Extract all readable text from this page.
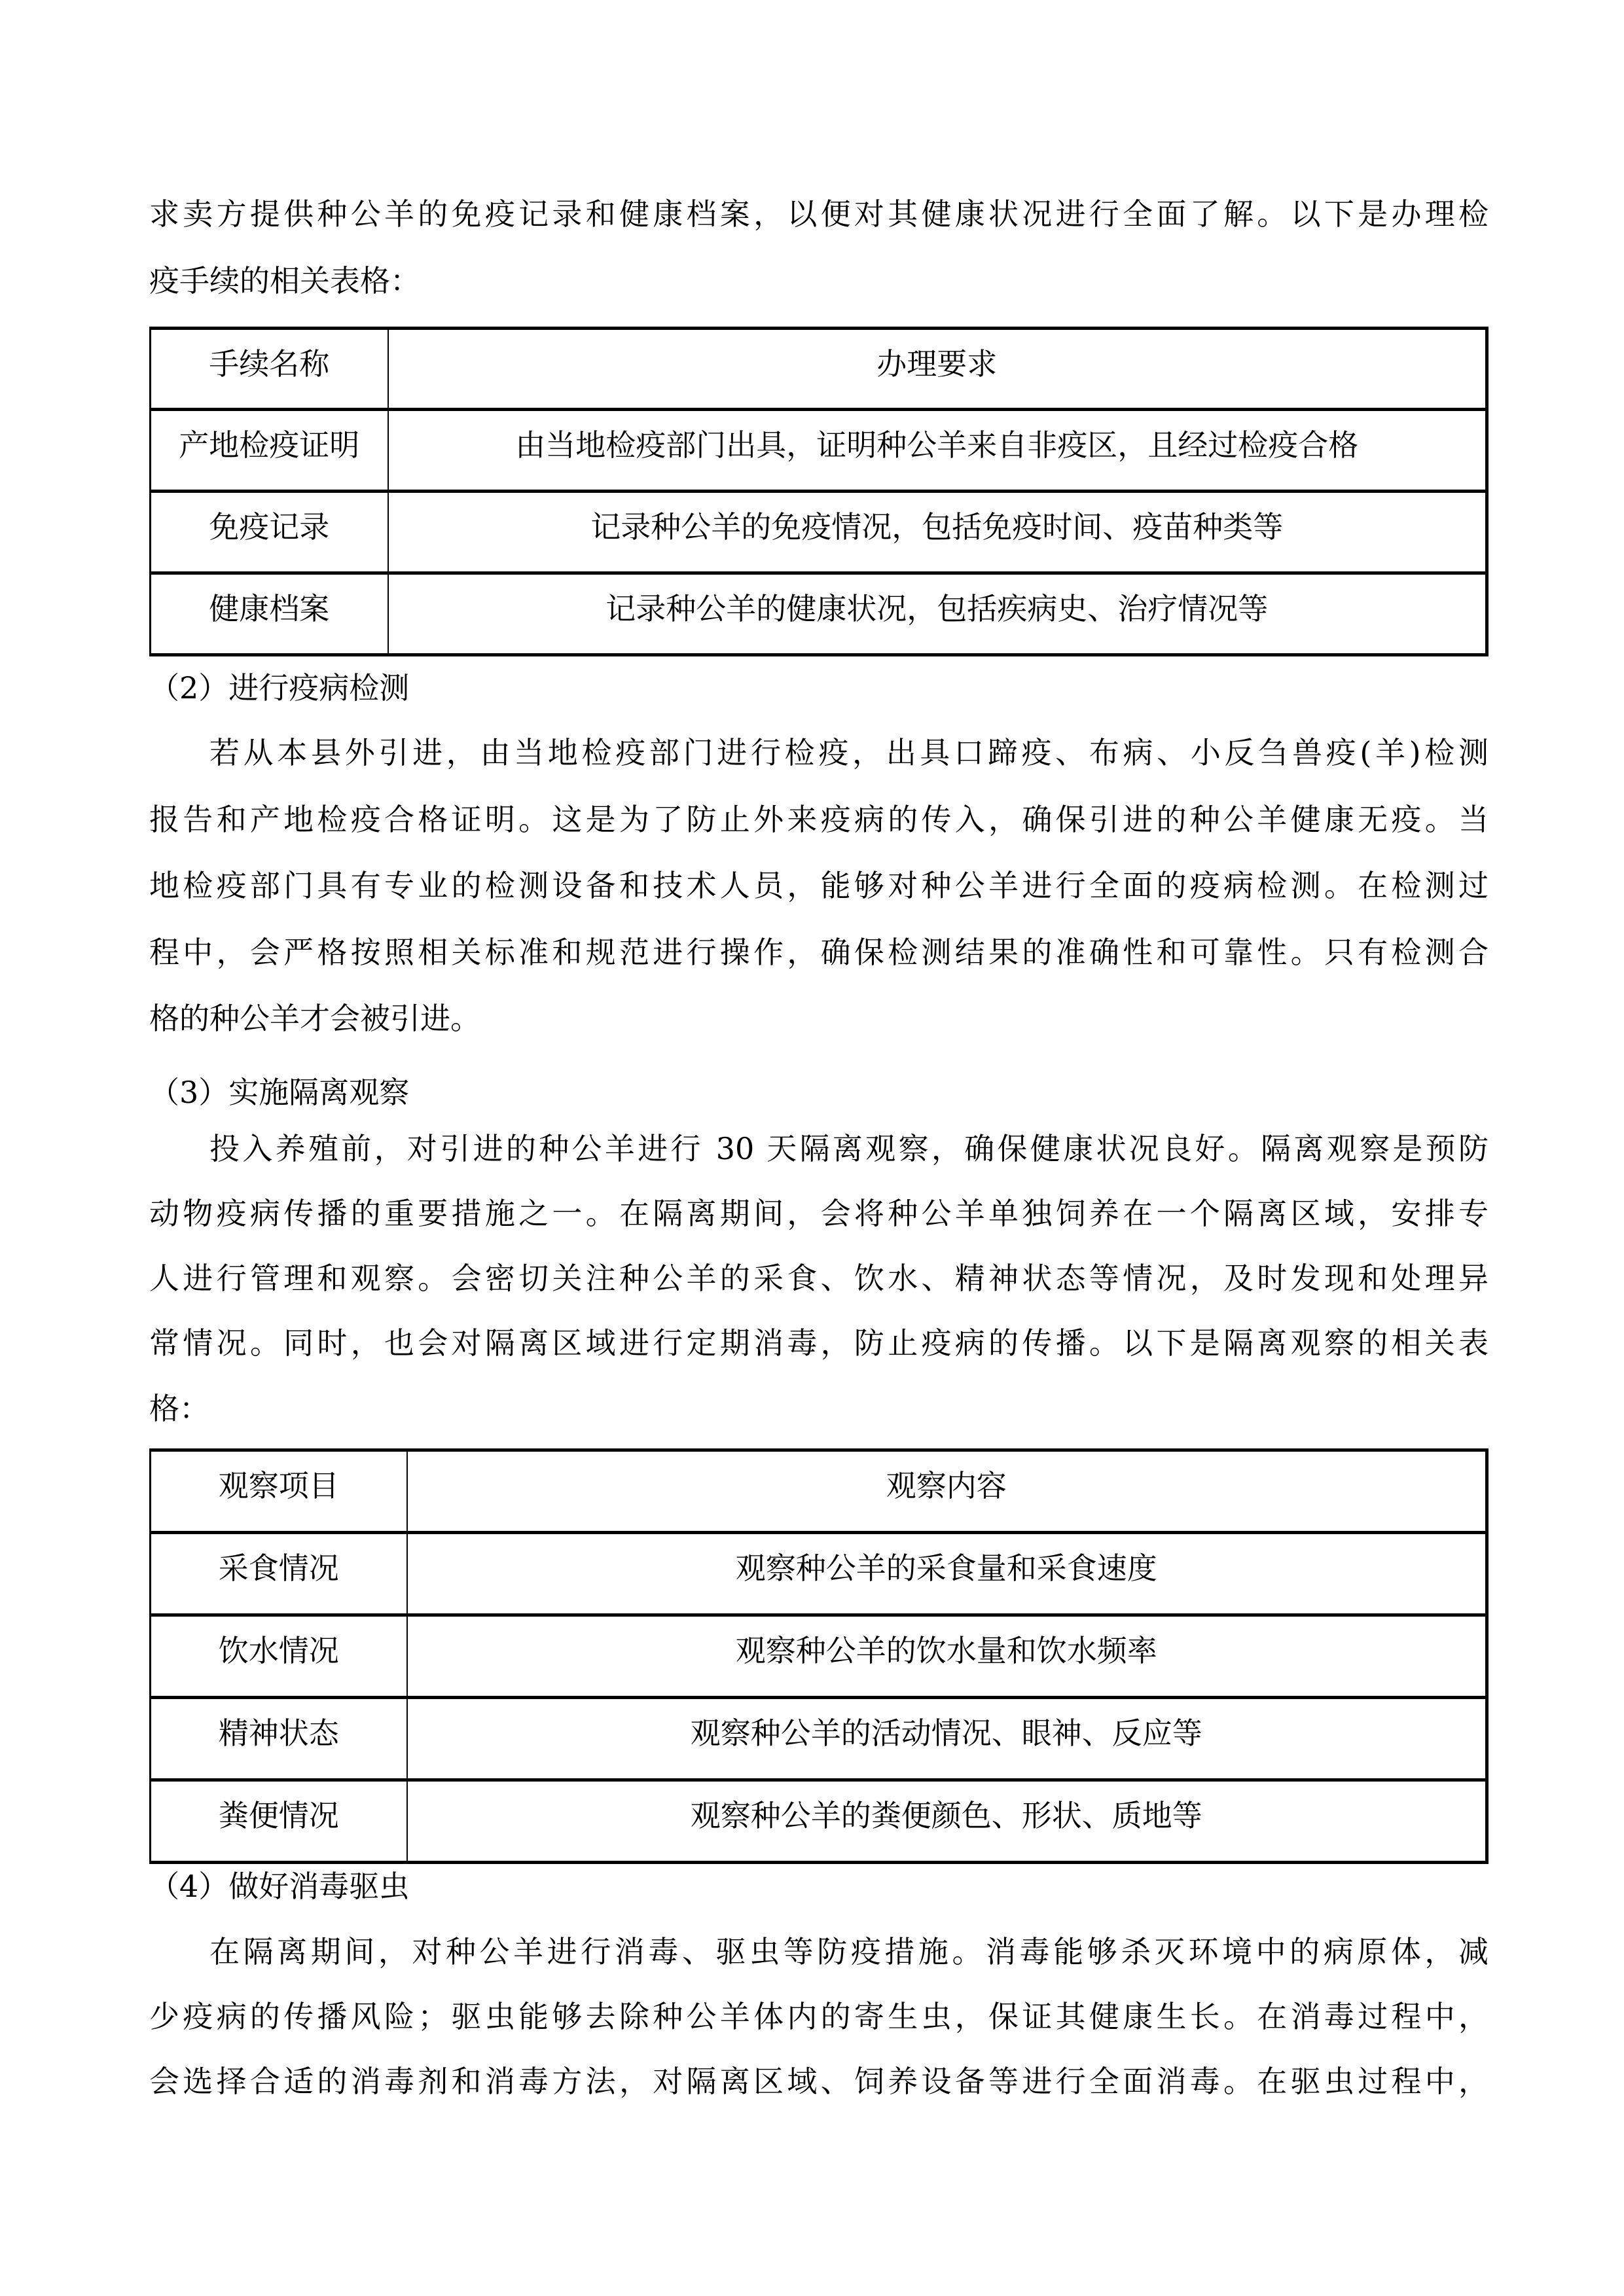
求卖方提供种公羊的免疫记录和健康档案，以便对其健康状况进行全面了解。以下是办理检
疫手续的相关表格：
手续名称	办理要求
产地检疫证明	由当地检疫部门出具，证明种公羊来自非疫区，且经过检疫合格
免疫记录	记录种公羊的免疫情况，包括免疫时间、疫苗种类等
健康档案	记录种公羊的健康状况，包括疾病史、治疗情况等
（2）进行疫病检测
若从本县外引进，由当地检疫部门进行检疫，出具口蹄疫、布病、小反刍兽疫(羊)检测
报告和产地检疫合格证明。这是为了防止外来疫病的传入，确保引进的种公羊健康无疫。当
地检疫部门具有专业的检测设备和技术人员，能够对种公羊进行全面的疫病检测。在检测过
程中，会严格按照相关标准和规范进行操作，确保检测结果的准确性和可靠性。只有检测合
格的种公羊才会被引进。
（3）实施隔离观察
投入养殖前，对引进的种公羊进行 30 天隔离观察，确保健康状况良好。隔离观察是预防
动物疫病传播的重要措施之一。在隔离期间，会将种公羊单独饲养在一个隔离区域，安排专
人进行管理和观察。会密切关注种公羊的采食、饮水、精神状态等情况，及时发现和处理异
常情况。同时，也会对隔离区域进行定期消毒，防止疫病的传播。以下是隔离观察的相关表
格：
观察项目	观察内容
采食情况	观察种公羊的采食量和采食速度
饮水情况	观察种公羊的饮水量和饮水频率
精神状态	观察种公羊的活动情况、眼神、反应等
粪便情况	观察种公羊的粪便颜色、形状、质地等
（4）做好消毒驱虫
在隔离期间，对种公羊进行消毒、驱虫等防疫措施。消毒能够杀灭环境中的病原体，减
少疫病的传播风险；驱虫能够去除种公羊体内的寄生虫，保证其健康生长。在消毒过程中，
会选择合适的消毒剂和消毒方法，对隔离区域、饲养设备等进行全面消毒。在驱虫过程中，
